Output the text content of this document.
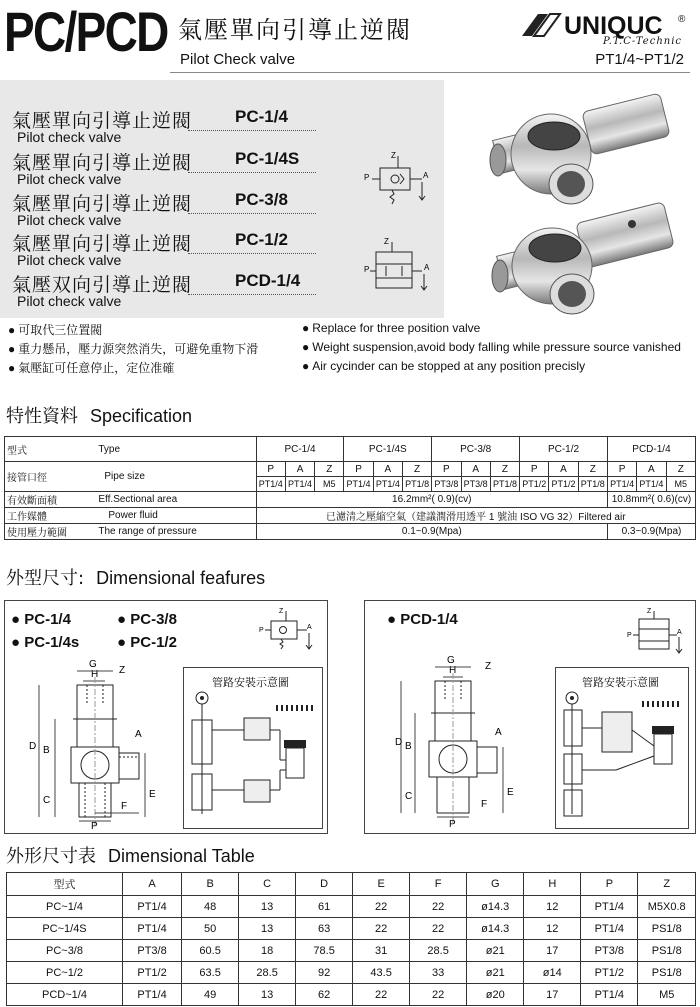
PC/PCD 氣壓單向引導止逆閥
Pilot Check valve
UNIQUC ®
P.T.C-Technic
PT1/4~PT1/2
氣壓單向引導止逆閥
Pilot check valve
PC-1/4
氣壓單向引導止逆閥
Pilot check valve
PC-1/4S
氣壓單向引導止逆閥
Pilot check valve
PC-3/8
氣壓單向引導止逆閥
Pilot check valve
PC-1/2
氣壓双向引導止逆閥
Pilot check valve
PCD-1/4
Z
P	A
Z
P	A
● 可取代三位置閥
● 重力懸吊，壓力源突然消失，可避免重物下滑
● 氣壓缸可任意停止，定位准確
● Replace for three position valve
● Weight suspension,avoid body falling while pressure source vanished
● Air cycinder can be stopped at any position precisly
特性資料 Specification
型式	Type	PC-1/4			PC-1/4S			PC-3/8			PC-1/2			PCD-1/4		
接管口徑	Pipe size	P	A	Z	P	A	Z	P	A	Z	P	A	Z	P	A	Z
		PT1/4	PT1/4	M5	PT1/4	PT1/4	PT1/8	PT3/8	PT3/8	PT1/8	PT1/2	PT1/2	PT1/8	PT1/4	PT1/4	M5
有效斷面積	Eff.Sectional area	16.2mm²( 0.9)(cv)												10.8mm²( 0.6)(cv)		
工作媒體	Power fluid	已濾清之壓縮空氣（建議潤滑用透平 1 號油 ISO VG 32）Filtered air														
使用壓力範圍	The range of pressure	0.1~0.9(Mpa)												0.3~0.9(Mpa)		
外型尺寸: Dimensional feafures
● PC-1/4	● PC-3/8
● PC-1/4s	● PC-1/2
Z
P	A
G
H Z
D B
C
A
E
F
P
管路安裝示意圖
● PCD-1/4	Z
P	A
G
H	Z
D B
C
A
E
F
P
管路安裝示意圖
外形尺寸表 Dimensional Table
型式	A	B	C	D	E	F	G	H	P	Z
PC~1/4	PT1/4	48	13	61	22	22	ø14.3	12	PT1/4	M5X0.8
PC~1/4S	PT1/4	50	13	63	22	22	ø14.3	12	PT1/4	PS1/8
PC~3/8	PT3/8	60.5	18	78.5	31	28.5	ø21	17	PT3/8	PS1/8
PC~1/2	PT1/2	63.5	28.5	92	43.5	33	ø21	ø14	PT1/2	PS1/8
PCD~1/4	PT1/4	49	13	62	22	22	ø20	17	PT1/4	M5
